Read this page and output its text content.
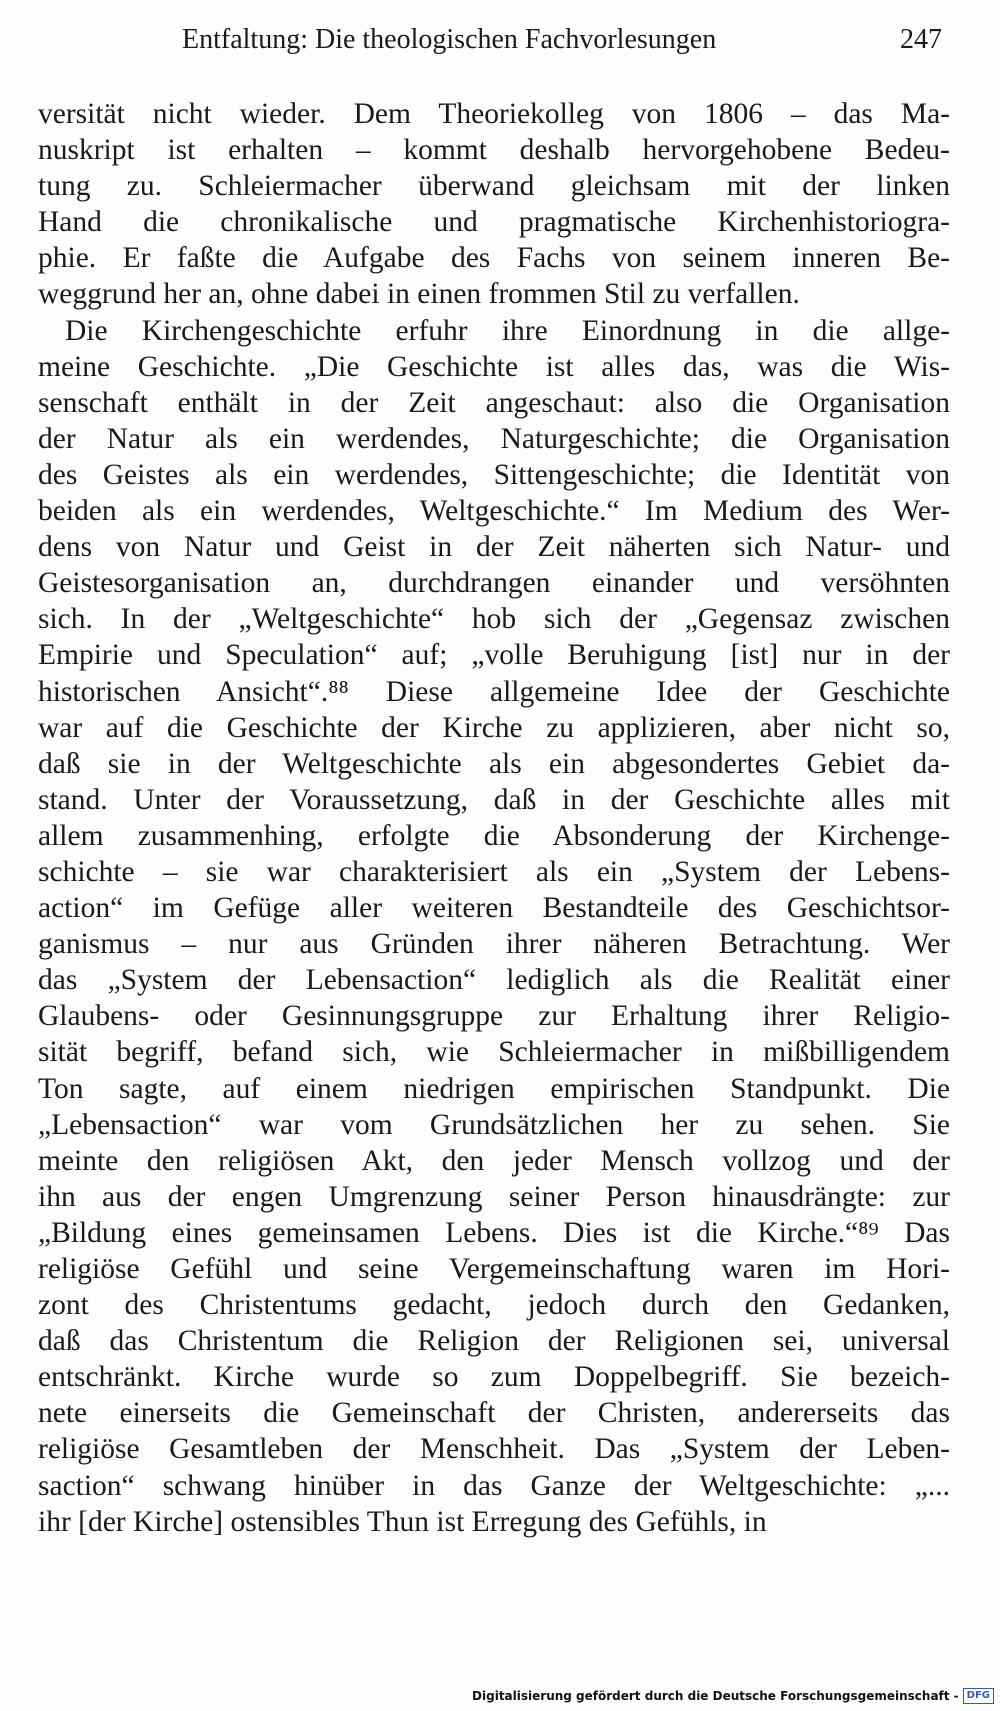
Entfaltung: Die theologischen Fachvorlesungen	247
versität nicht wieder. Dem Theoriekolleg von 1806 – das Ma-
nuskript ist erhalten – kommt deshalb hervorgehobene Bedeu-
tung zu. Schleiermacher überwand gleichsam mit der linken
Hand die chronikalische und pragmatische Kirchenhistoriogra-
phie. Er faßte die Aufgabe des Fachs von seinem inneren Be-
weggrund her an, ohne dabei in einen frommen Stil zu verfallen.
Die Kirchengeschichte erfuhr ihre Einordnung in die allge-
meine Geschichte. „Die Geschichte ist alles das, was die Wis-
senschaft enthält in der Zeit angeschaut: also die Organisation
der Natur als ein werdendes, Naturgeschichte; die Organisation
des Geistes als ein werdendes, Sittengeschichte; die Identität von
beiden als ein werdendes, Weltgeschichte.“ Im Medium des Wer-
dens von Natur und Geist in der Zeit näherten sich Natur- und
Geistesorganisation an, durchdrangen einander und versöhnten
sich. In der „Weltgeschichte“ hob sich der „Gegensaz zwischen
Empirie und Speculation“ auf; „volle Beruhigung [ist] nur in der
historischen Ansicht“.⁸⁸ Diese allgemeine Idee der Geschichte
war auf die Geschichte der Kirche zu applizieren, aber nicht so,
daß sie in der Weltgeschichte als ein abgesondertes Gebiet da-
stand. Unter der Voraussetzung, daß in der Geschichte alles mit
allem zusammenhing, erfolgte die Absonderung der Kirchenge-
schichte – sie war charakterisiert als ein „System der Lebens-
action“ im Gefüge aller weiteren Bestandteile des Geschichtsor-
ganismus – nur aus Gründen ihrer näheren Betrachtung. Wer
das „System der Lebensaction“ lediglich als die Realität einer
Glaubens- oder Gesinnungsgruppe zur Erhaltung ihrer Religio-
sität begriff, befand sich, wie Schleiermacher in mißbilligendem
Ton sagte, auf einem niedrigen empirischen Standpunkt. Die
„Lebensaction“ war vom Grundsätzlichen her zu sehen. Sie
meinte den religiösen Akt, den jeder Mensch vollzog und der
ihn aus der engen Umgrenzung seiner Person hinausdrängte: zur
„Bildung eines gemeinsamen Lebens. Dies ist die Kirche.“⁸⁹ Das
religiöse Gefühl und seine Vergemeinschaftung waren im Hori-
zont des Christentums gedacht, jedoch durch den Gedanken,
daß das Christentum die Religion der Religionen sei, universal
entschränkt. Kirche wurde so zum Doppelbegriff. Sie bezeich-
nete einerseits die Gemeinschaft der Christen, andererseits das
religiöse Gesamtleben der Menschheit. Das „System der Leben-
saction“ schwang hinüber in das Ganze der Weltgeschichte: „...
ihr [der Kirche] ostensibles Thun ist Erregung des Gefühls, in
Digitalisierung gefördert durch die Deutsche Forschungsgemeinschaft - DFG
